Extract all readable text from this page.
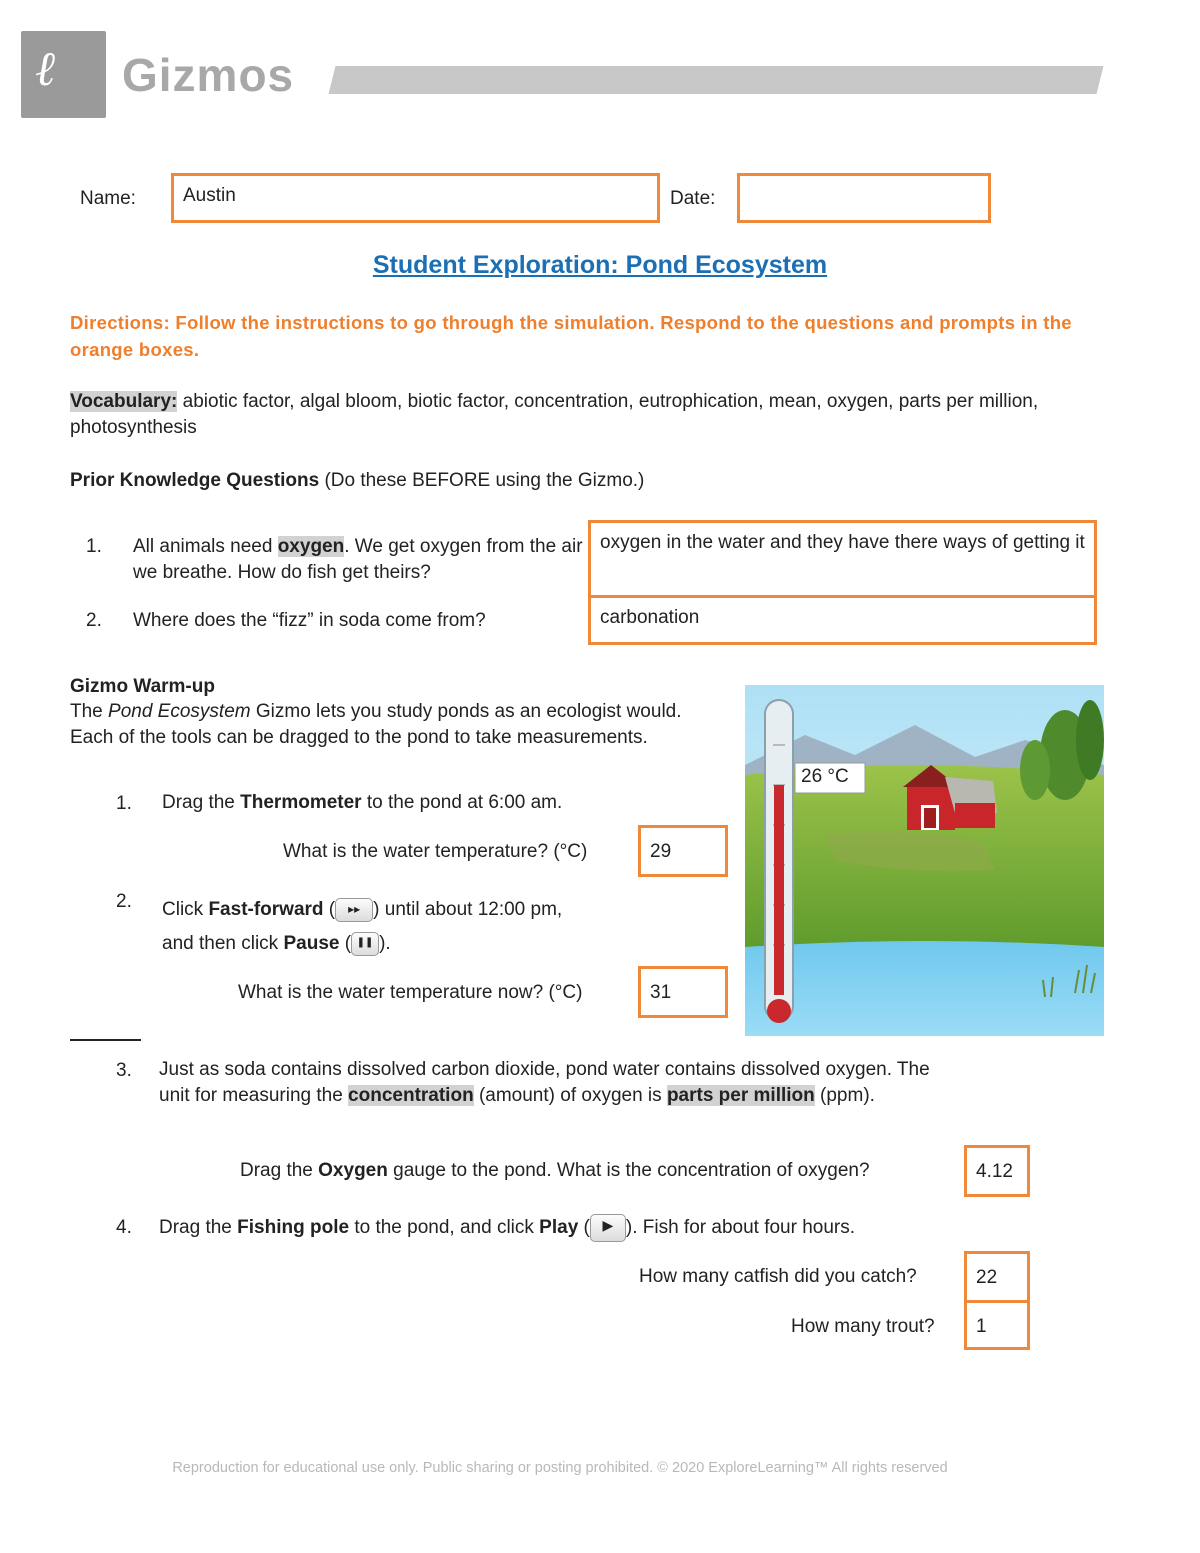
ℓ Gizmos
Name:	Austin	Date:
Student Exploration: Pond Ecosystem
Directions: Follow the instructions to go through the simulation. Respond to the questions and prompts in the orange boxes.
Vocabulary: abiotic factor, algal bloom, biotic factor, concentration, eutrophication, mean, oxygen, parts per million, photosynthesis
Prior Knowledge Questions (Do these BEFORE using the Gizmo.)
1. All animals need oxygen. We get oxygen from the air we breathe. How do fish get theirs?
oxygen in the water and they have there ways of getting it
2. Where does the “fizz” in soda come from?	carbonation
Gizmo Warm-up
The Pond Ecosystem Gizmo lets you study ponds as an ecologist would. Each of the tools can be dragged to the pond to take measurements.
1. Drag the Thermometer to the pond at 6:00 am.
What is the water temperature? (°C)	29
2. Click Fast-forward ( ▸▸ ) until about 12:00 pm,
and then click Pause ( ❚❚ ).
What is the water temperature now? (°C)	31
26 °C
3. Just as soda contains dissolved carbon dioxide, pond water contains dissolved oxygen. The unit for measuring the concentration (amount) of oxygen is parts per million (ppm).
Drag the Oxygen gauge to the pond. What is the concentration of oxygen?	4.12
4. Drag the Fishing pole to the pond, and click Play ( ▶ ). Fish for about four hours.
How many catfish did you catch?	22
How many trout?	1
Reproduction for educational use only. Public sharing or posting prohibited. © 2020 ExploreLearning™ All rights reserved
